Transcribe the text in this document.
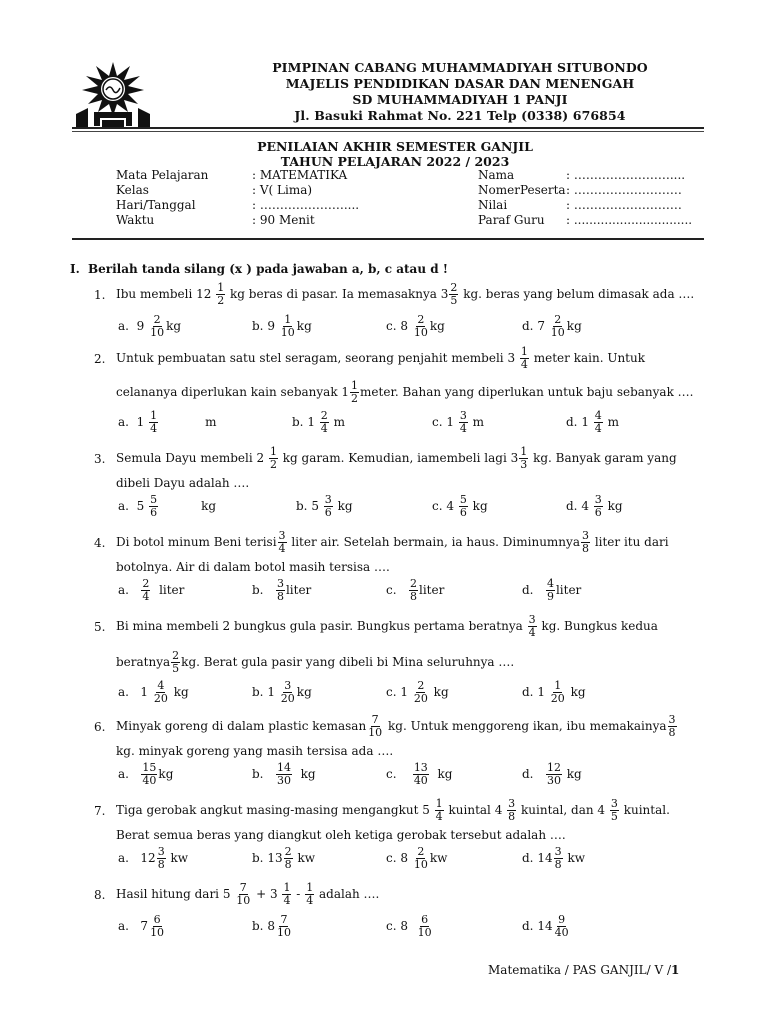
PIMPINAN CABANG MUHAMMADIYAH SITUBONDO
MAJELIS PENDIDIKAN DASAR DAN MENENGAH
SD MUHAMMADIYAH 1 PANJI
Jl. Basuki Rahmat No. 221 Telp (0338) 676854
PENILAIAN AKHIR SEMESTER GANJIL
TAHUN PELAJARAN 2022 / 2023
Mata Pelajaran	: MATEMATIKA
Kelas	: V( Lima)
Hari/Tanggal	: …………………....
Waktu	: 90 Menit
Nama	: ……………………....
NomerPeserta : ………………………
Nilai	: ………………………
Paraf Guru : ...............................
I. Berilah tanda silang (x ) pada jawaban a, b, c atau d !
1. Ibu membeli $12 \frac{1}{2}$ kg beras di pasar. Ia memasaknya $3 \frac{2}{5}$ kg. beras yang belum dimasak ada ….
a. $9 \frac{2}{10}$ kg	b. $9 \frac{1}{10}$ kg	c. $8 \frac{2}{10}$ kg	d. $7 \frac{2}{10}$ kg
2. Untuk pembuatan satu stel seragam, seorang penjahit membeli $3 \frac{1}{4}$ meter kain. Untuk
celananya diperlukan kain sebanyak $1 \frac{1}{2}$ meter. Bahan yang diperlukan untuk baju sebanyak ….
a. $1 \frac{1}{4}$	m	b. $1 \frac{2}{4}$ m	c. $1 \frac{3}{4}$ m	d. $1 \frac{4}{4}$ m
3. Semula Dayu membeli $2 \frac{1}{2}$ kg garam. Kemudian, iamembeli lagi $3 \frac{1}{3}$ kg. Banyak garam yang
dibeli Dayu adalah ….
a. $5 \frac{5}{6}$	kg	b. $5 \frac{3}{6}$ kg	c. $4 \frac{5}{6}$ kg	d. $4 \frac{3}{6}$ kg
4. Di botol minum Beni terisi $\frac{3}{4}$ liter air. Setelah bermain, ia haus. Diminumnya $\frac{3}{8}$ liter itu dari
botolnya. Air di dalam botol masih tersisa ….
a. $\frac{2}{4}$ liter	b. $\frac{3}{8}$ liter	c. $\frac{2}{8}$ liter	d. $\frac{4}{9}$ liter
5. Bi mina membeli 2 bungkus gula pasir. Bungkus pertama beratnya $\frac{3}{4}$ kg. Bungkus kedua
beratnya $\frac{2}{5}$ kg. Berat gula pasir yang dibeli bi Mina seluruhnya ….
a. $1 \frac{4}{20}$ kg	b. $1 \frac{3}{20}$ kg	c. $1 \frac{2}{20}$ kg	d. $1 \frac{1}{20}$ kg
6. Minyak goreng di dalam plastic kemasan $\frac{7}{10}$ kg. Untuk menggoreng ikan, ibu memakainya $\frac{3}{8}$
kg. minyak goreng yang masih tersisa ada ….
a. $\frac{15}{40}$ kg	b. $\frac{14}{30}$ kg	c. $\frac{13}{40}$ kg	d. $\frac{12}{30}$ kg
7. Tiga gerobak angkut masing-masing mengangkut $5 \frac{1}{4}$ kuintal $4 \frac{3}{8}$ kuintal, dan $4 \frac{3}{5}$ kuintal.
Berat semua beras yang diangkut oleh ketiga gerobak tersebut adalah ….
a. $12 \frac{3}{8}$ kw	b. $13 \frac{2}{8}$ kw	c. $8 \frac{2}{10}$ kw	d. $14 \frac{3}{8}$ kw
8. Hasil hitung dari $5 \frac{7}{10} + 3 \frac{1}{4} - \frac{1}{4}$ adalah ….
a. $7 \frac{6}{10}$	b. $8 \frac{7}{10}$	c. $8 \frac{6}{10}$	d. $14 \frac{9}{40}$
Matematika / PAS GANJIL/ V /1
